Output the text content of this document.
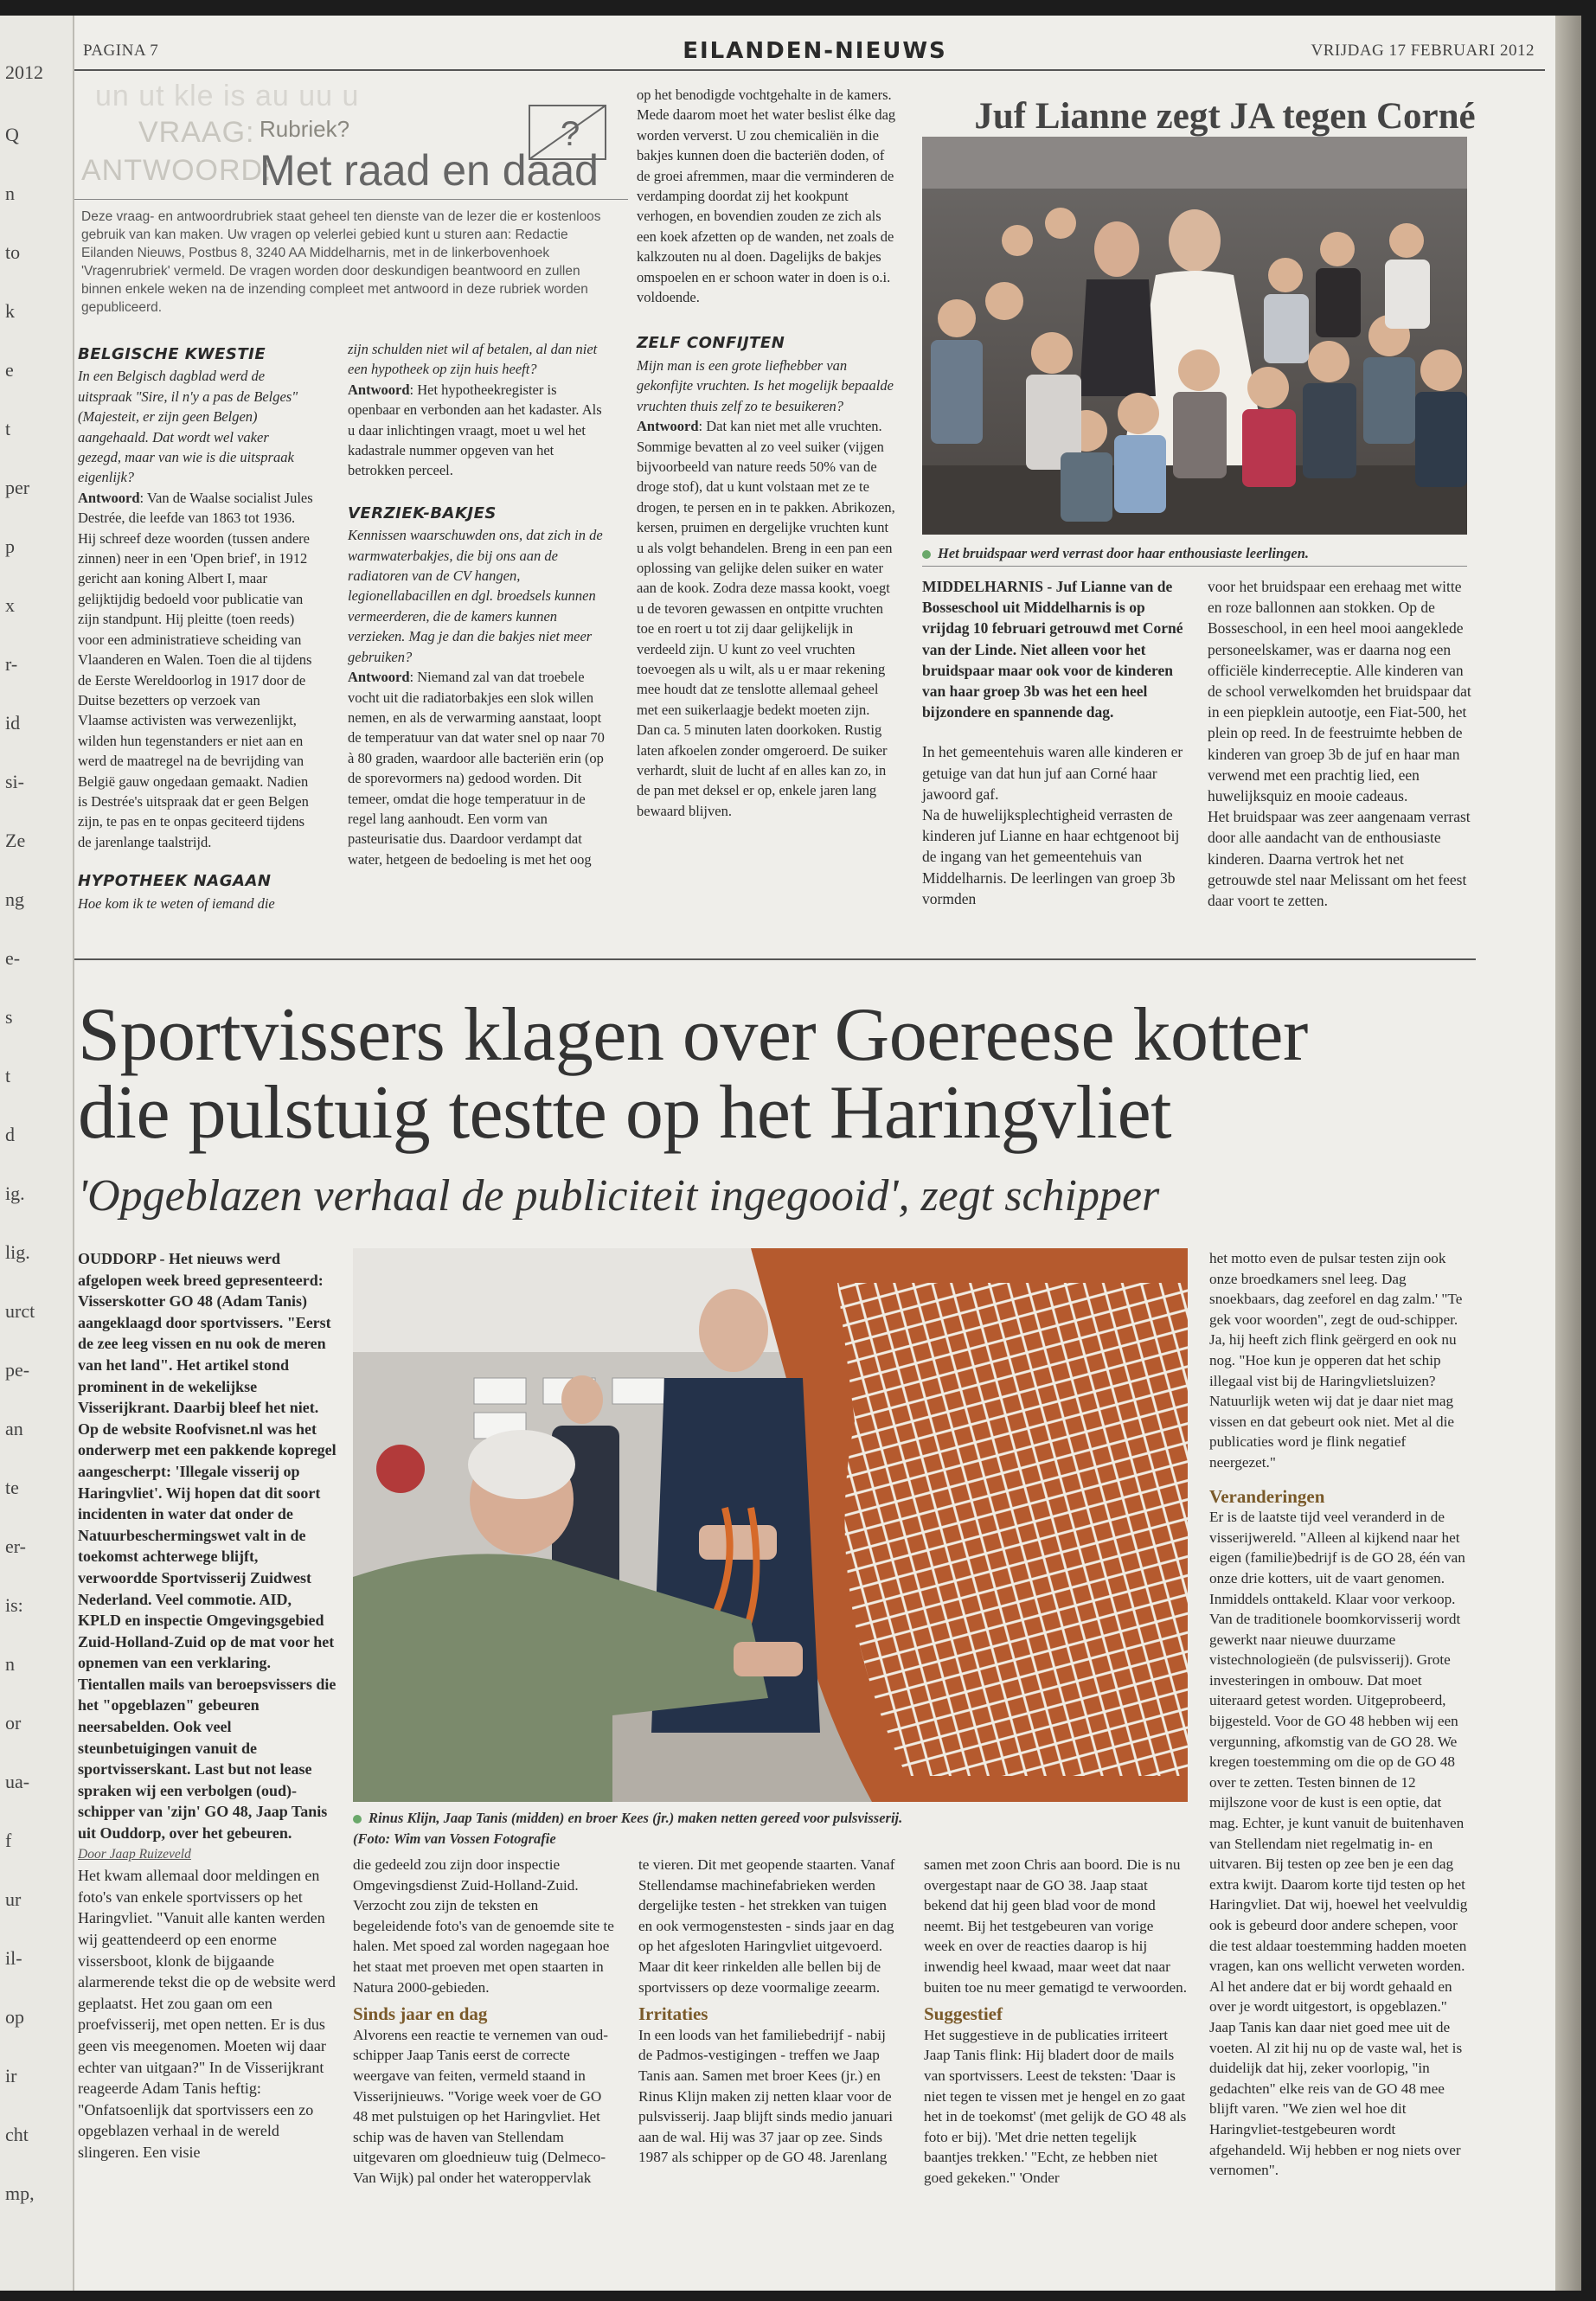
2012
Q
n
to
k
e
t
per
p
x
r-
id
si-
Ze
ng
e-
s
t
d
ig.
lig.
urct
pe-
an
te
er-
is:
n
or
ua-
f
ur
il-
op
ir
cht
mp,
PAGINA 7	EILANDEN-NIEUWS	VRIJDAG 17 FEBRUARI 2012
un ut kle is au uu u
VRAAG:
ANTWOORD:
Rubriek?
Met raad en daad
?
Deze vraag- en antwoordrubriek staat geheel ten dienste van de lezer die er kostenloos gebruik van kan maken. Uw vragen op velerlei gebied kunt u sturen aan: Redactie Eilanden Nieuws, Postbus 8, 3240 AA Middelharnis, met in de linkerbovenhoek 'Vragenrubriek' vermeld. De vragen worden door deskundigen beantwoord en zullen binnen enkele weken na de inzending compleet met antwoord in deze rubriek worden gepubliceerd.
BELGISCHE KWESTIE

In een Belgisch dagblad werd de uitspraak "Sire, il n'y a pas de Belges" (Majesteit, er zijn geen Belgen) aangehaald. Dat wordt wel vaker gezegd, maar van wie is die uitspraak eigenlijk?

Antwoord: Van de Waalse socialist Jules Destrée, die leefde van 1863 tot 1936. Hij schreef deze woorden (tussen andere zinnen) neer in een 'Open brief', in 1912 gericht aan koning Albert I, maar gelijktijdig bedoeld voor publicatie van zijn standpunt. Hij pleitte (toen reeds) voor een administratieve scheiding van Vlaanderen en Walen. Toen die al tijdens de Eerste Wereldoorlog in 1917 door de Duitse bezetters op verzoek van Vlaamse activisten was verwezenlijkt, wilden hun tegenstanders er niet aan en werd de maatregel na de bevrijding van België gauw ongedaan gemaakt. Nadien is Destrée's uitspraak dat er geen Belgen zijn, te pas en te onpas geciteerd tijdens de jarenlange taalstrijd.

HYPOTHEEK NAGAAN

Hoe kom ik te weten of iemand die

zijn schulden niet wil af betalen, al dan niet een hypotheek op zijn huis heeft?

Antwoord: Het hypotheekregister is openbaar en verbonden aan het kadaster. Als u daar inlichtingen vraagt, moet u wel het kadastrale nummer opgeven van het betrokken perceel.

VERZIEK-BAKJES

Kennissen waarschuwden ons, dat zich in de warmwaterbakjes, die bij ons aan de radiatoren van de CV hangen, legionellabacillen en dgl. broedsels kunnen vermeerderen, die de kamers kunnen verzieken. Mag je dan die bakjes niet meer gebruiken?

Antwoord: Niemand zal van dat troebele vocht uit die radiatorbakjes een slok willen nemen, en als de verwarming aanstaat, loopt de temperatuur van dat water snel op naar 70 à 80 graden, waardoor alle bacteriën erin (op de sporevormers na) gedood worden. Dit temeer, omdat die hoge temperatuur in de regel lang aanhoudt. Een vorm van pasteurisatie dus. Daardoor verdampt dat water, hetgeen de bedoeling is met het oog

op het benodigde vochtgehalte in de kamers. Mede daarom moet het water beslist élke dag worden ververst. U zou chemicaliën in die bakjes kunnen doen die bacteriën doden, of de groei afremmen, maar die verminderen de verdamping doordat zij het kookpunt verhogen, en bovendien zouden ze zich als een koek afzetten op de wanden, net zoals de kalkzouten nu al doen. Dagelijks de bakjes omspoelen en er schoon water in doen is o.i. voldoende.

ZELF CONFIJTEN

Mijn man is een grote liefhebber van gekonfijte vruchten. Is het mogelijk bepaalde vruchten thuis zelf zo te besuikeren?

Antwoord: Dat kan niet met alle vruchten. Sommige bevatten al zo veel suiker (vijgen bijvoorbeeld van nature reeds 50% van de droge stof), dat u kunt volstaan met ze te drogen, te persen en in te pakken. Abrikozen, kersen, pruimen en dergelijke vruchten kunt u als volgt behandelen. Breng in een pan een oplossing van gelijke delen suiker en water aan de kook. Zodra deze massa kookt, voegt u de tevoren gewassen en ontpitte vruchten toe en roert u tot zij daar gelijkelijk in verdeeld zijn. U kunt zo veel vruchten toevoegen als u wilt, als u er maar rekening mee houdt dat ze tenslotte allemaal geheel met een suikerlaagje bedekt moeten zijn. Dan ca. 5 minuten laten doorkoken. Rustig laten afkoelen zonder omgeroerd. De suiker verhardt, sluit de lucht af en alles kan zo, in de pan met deksel er op, enkele jaren lang bewaard blijven.

Juf Lianne zegt JA tegen Corné
Het bruidspaar werd verrast door haar enthousiaste leerlingen.

MIDDELHARNIS - Juf Lianne van de Bosseschool uit Middelharnis is op vrijdag 10 februari getrouwd met Corné van der Linde. Niet alleen voor het bruidspaar maar ook voor de kinderen van haar groep 3b was het een heel bijzondere en spannende dag.

In het gemeentehuis waren alle kinderen er getuige van dat hun juf aan Corné haar jawoord gaf.

Na de huwelijksplechtigheid verrasten de kinderen juf Lianne en haar echtgenoot bij de ingang van het gemeentehuis van Middelharnis. De leerlingen van groep 3b vormden

voor het bruidspaar een erehaag met witte en roze ballonnen aan stokken. Op de Bosseschool, in een heel mooi aangeklede personeelskamer, was er daarna nog een officiële kinderreceptie. Alle kinderen van de school verwelkomden het bruidspaar dat in een piepklein autootje, een Fiat-500, het plein op reed. In de feestruimte hebben de kinderen van groep 3b de juf en haar man verwend met een prachtig lied, een huwelijksquiz en mooie cadeaus.

Het bruidspaar was zeer aangenaam verrast door alle aandacht van de enthousiaste kinderen. Daarna vertrok het net getrouwde stel naar Melissant om het feest daar voort te zetten.

Sportvissers klagen over Goereese kotter
die pulstuig testte op het Haringvliet
'Opgeblazen verhaal de publiciteit ingegooid', zegt schipper

OUDDORP - Het nieuws werd afgelopen week breed gepresenteerd: Visserskotter GO 48 (Adam Tanis) aangeklaagd door sportvissers. "Eerst de zee leeg vissen en nu ook de meren van het land". Het artikel stond prominent in de wekelijkse Visserijkrant. Daarbij bleef het niet. Op de website Roofvisnet.nl was het onderwerp met een pakkende kopregel aangescherpt: 'Illegale visserij op Haringvliet'. Wij hopen dat dit soort incidenten in water dat onder de Natuurbeschermingswet valt in de toekomst achterwege blijft, verwoordde Sportvisserij Zuidwest Nederland. Veel commotie. AID, KPLD en inspectie Omgevingsgebied Zuid-Holland-Zuid op de mat voor het opnemen van een verklaring. Tientallen mails van beroepsvissers die het "opgeblazen" gebeuren neersabelden. Ook veel steunbetuigingen vanuit de sportvisserskant. Last but not lease spraken wij een verbolgen (oud)-schipper van 'zijn' GO 48, Jaap Tanis uit Ouddorp, over het gebeuren.

Door Jaap Ruizeveld

Het kwam allemaal door meldingen en foto's van enkele sportvissers op het Haringvliet. "Vanuit alle kanten werden wij geattendeerd op een enorme vissersboot, klonk de bijgaande alarmerende tekst die op de website werd geplaatst. Het zou gaan om een proefvisserij, met open netten. Er is dus geen vis meegenomen. Moeten wij daar echter van uitgaan?" In de Visserijkrant reageerde Adam Tanis heftig: "Onfatsoenlijk dat sportvissers een zo opgeblazen verhaal in de wereld slingeren. Een visie

Rinus Klijn, Jaap Tanis (midden) en broer Kees (jr.) maken netten gereed voor pulsvisserij.
(Foto: Wim van Vossen Fotografie

die gedeeld zou zijn door inspectie Omgevingsdienst Zuid-Holland-Zuid. Verzocht zou zijn de teksten en begeleidende foto's van de genoemde site te halen. Met spoed zal worden nagegaan hoe het staat met proeven met open staarten in Natura 2000-gebieden.

Sinds jaar en dag

Alvorens een reactie te vernemen van oud-schipper Jaap Tanis eerst de correcte weergave van feiten, vermeld staand in Visserijnieuws. "Vorige week voer de GO 48 met pulstuigen op het Haringvliet. Het schip was de haven van Stellendam uitgevaren om gloednieuw tuig (Delmeco-Van Wijk) pal onder het wateroppervlak

te vieren. Dit met geopende staarten. Vanaf Stellendamse machinefabrieken werden dergelijke testen - het strekken van tuigen en ook vermogenstesten - sinds jaar en dag op het afgesloten Haringvliet uitgevoerd. Maar dit keer rinkelden alle bellen bij de sportvissers op deze voormalige zeearm.

Irritaties

In een loods van het familiebedrijf - nabij de Padmos-vestigingen - treffen we Jaap Tanis aan. Samen met broer Kees (jr.) en Rinus Klijn maken zij netten klaar voor de pulsvisserij. Jaap blijft sinds medio januari aan de wal. Hij was 37 jaar op zee. Sinds 1987 als schipper op de GO 48. Jarenlang

samen met zoon Chris aan boord. Die is nu overgestapt naar de GO 38. Jaap staat bekend dat hij geen blad voor de mond neemt. Bij het testgebeuren van vorige week en over de reacties daarop is hij inwendig heel kwaad, maar weet dat naar buiten toe nu meer gematigd te verwoorden.

Suggestief

Het suggestieve in de publicaties irriteert Jaap Tanis flink: Hij bladert door de mails van sportvissers. Leest de teksten: 'Daar is niet tegen te vissen met je hengel en zo gaat het in de toekomst' (met gelijk de GO 48 als foto er bij). 'Met drie netten tegelijk baantjes trekken.' "Echt, ze hebben niet goed gekeken." 'Onder

het motto even de pulsar testen zijn ook onze broedkamers snel leeg. Dag snoekbaars, dag zeeforel en dag zalm.' "Te gek voor woorden", zegt de oud-schipper. Ja, hij heeft zich flink geërgerd en ook nu nog. "Hoe kun je opperen dat het schip illegaal vist bij de Haringvlietsluizen? Natuurlijk weten wij dat je daar niet mag vissen en dat gebeurt ook niet. Met al die publicaties word je flink negatief neergezet."

Veranderingen

Er is de laatste tijd veel veranderd in de visserijwereld. "Alleen al kijkend naar het eigen (familie)bedrijf is de GO 28, één van onze drie kotters, uit de vaart genomen. Inmiddels onttakeld. Klaar voor verkoop. Van de traditionele boomkorvisserij wordt gewerkt naar nieuwe duurzame vistechnologieën (de pulsvisserij). Grote investeringen in ombouw. Dat moet uiteraard getest worden. Uitgeprobeerd, bijgesteld. Voor de GO 48 hebben wij een vergunning, afkomstig van de GO 28. We kregen toestemming om die op de GO 48 over te zetten. Testen binnen de 12 mijlszone voor de kust is een optie, dat mag. Echter, je kunt vanuit de buitenhaven van Stellendam niet regelmatig in- en uitvaren. Bij testen op zee ben je een dag extra kwijt. Daarom korte tijd testen op het Haringvliet. Dat wij, hoewel het veelvuldig ook is gebeurd door andere schepen, voor die test aldaar toestemming hadden moeten vragen, kan ons wellicht verweten worden. Al het andere dat er bij wordt gehaald en over je wordt uitgestort, is opgeblazen." Jaap Tanis kan daar niet goed mee uit de voeten. Al zit hij nu op de vaste wal, het is duidelijk dat hij, zeker voorlopig, "in gedachten" elke reis van de GO 48 mee blijft varen. "We zien wel hoe dit Haringvliet-testgebeuren wordt afgehandeld. Wij hebben er nog niets over vernomen".
